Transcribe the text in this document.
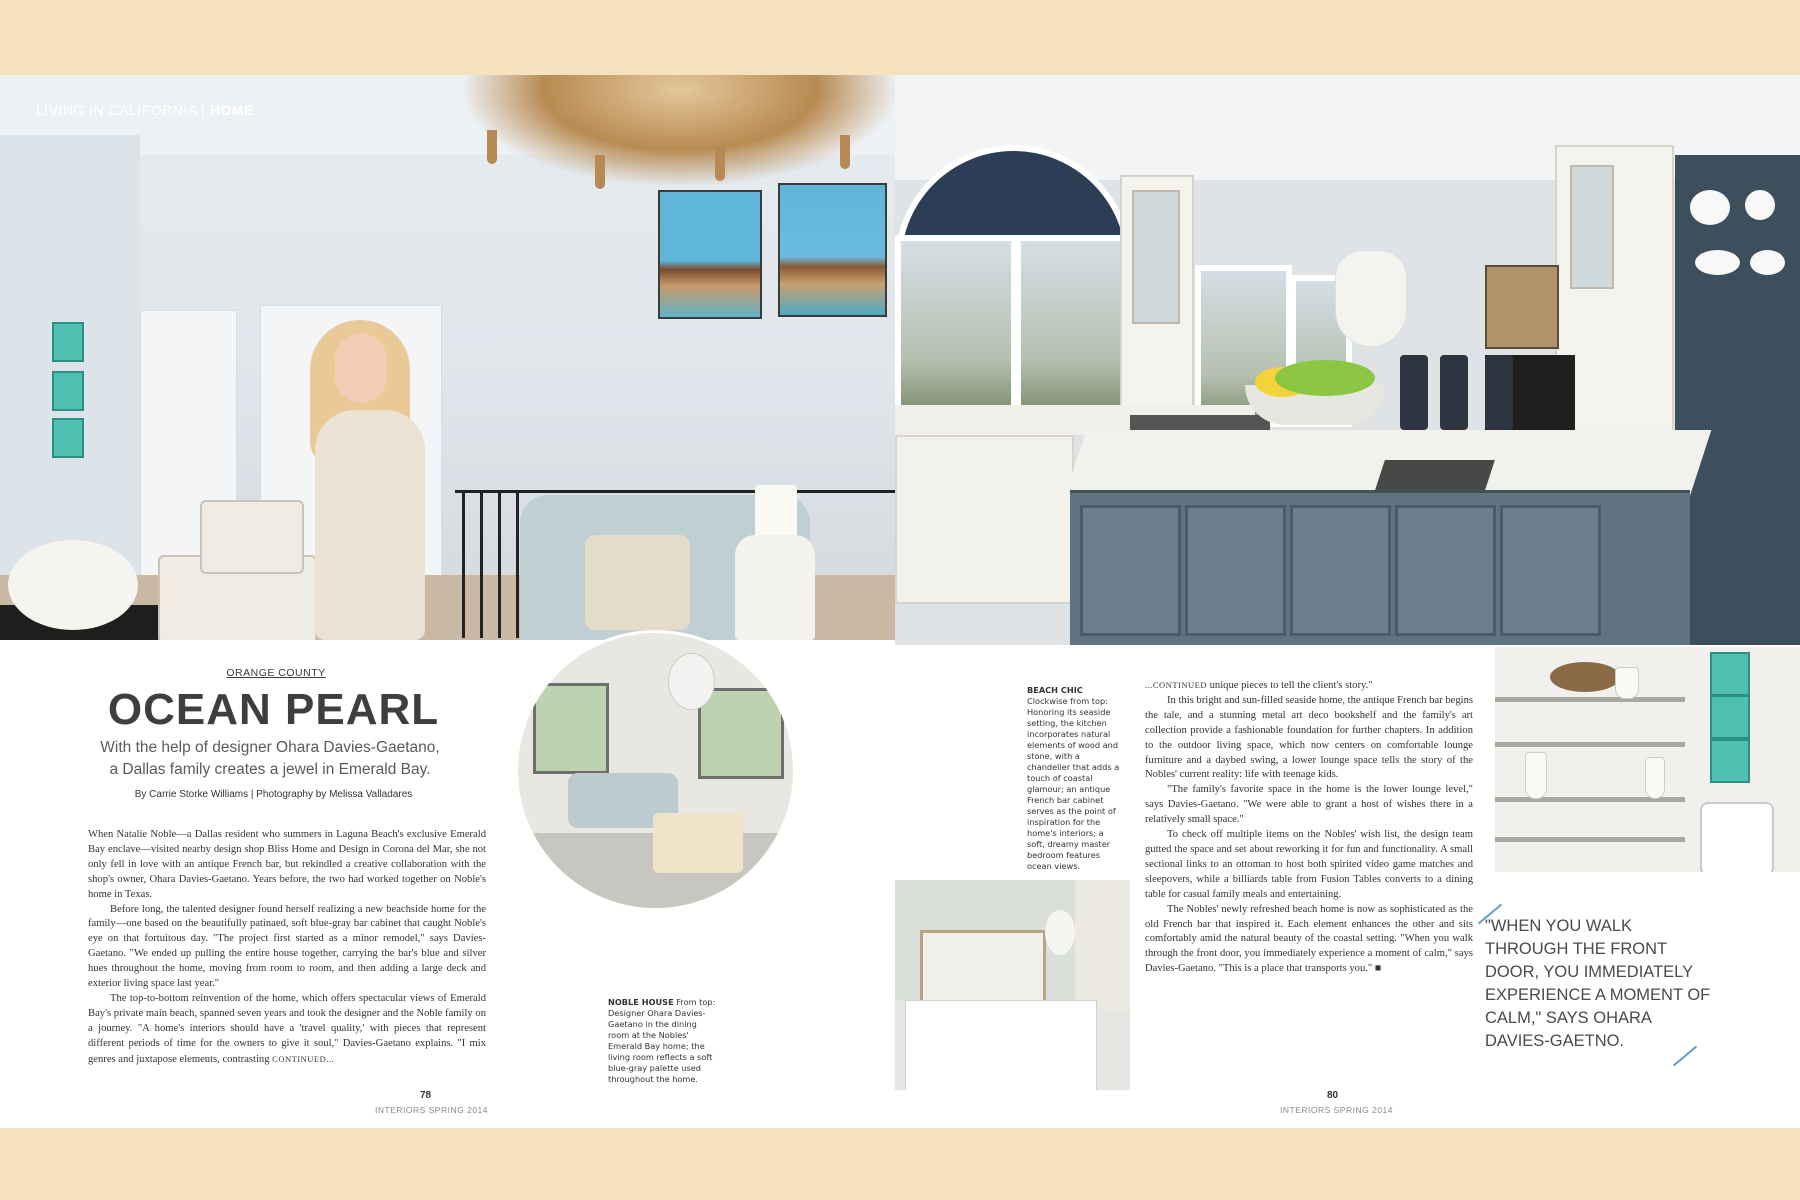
LIVING IN CALIFORNIA | HOME
ORANGE COUNTY
OCEAN PEARL
With the help of designer Ohara Davies-Gaetano, a Dallas family creates a jewel in Emerald Bay.
By Carrie Storke Williams | Photography by Melissa Valladares

When Natalie Noble—a Dallas resident who summers in Laguna Beach's exclusive Emerald Bay enclave—visited nearby design shop Bliss Home and Design in Corona del Mar, she not only fell in love with an antique French bar, but rekindled a creative collaboration with the shop's owner, Ohara Davies-Gaetano. Years before, the two had worked together on Noble's home in Texas.

Before long, the talented designer found herself realizing a new beachside home for the family—one based on the beautifully patinaed, soft blue-gray bar cabinet that caught Noble's eye on that fortuitous day. "The project first started as a minor remodel," says Davies-Gaetano. "We ended up pulling the entire house together, carrying the bar's blue and silver hues throughout the home, moving from room to room, and then adding a large deck and exterior living space last year."

The top-to-bottom reinvention of the home, which offers spectacular views of Emerald Bay's private main beach, spanned seven years and took the designer and the Noble family on a journey. "A home's interiors should have a 'travel quality,' with pieces that represent different periods of time for the owners to give it soul," Davies-Gaetano explains. "I mix genres and juxtapose elements, contrasting CONTINUED...

NOBLE HOUSE From top: Designer Ohara Davies-Gaetano in the dining room at the Nobles' Emerald Bay home; the living room reflects a soft blue-gray palette used throughout the home.
78
INTERIORS SPRING 2014
BEACH CHIC Clockwise from top: Honoring its seaside setting, the kitchen incorporates natural elements of wood and stone, with a chandelier that adds a touch of coastal glamour; an antique French bar cabinet serves as the point of inspiration for the home's interiors; a soft, dreamy master bedroom features ocean views.

...CONTINUED unique pieces to tell the client's story."

In this bright and sun-filled seaside home, the antique French bar begins the tale, and a stunning metal art deco bookshelf and the family's art collection provide a fashionable foundation for further chapters. In addition to the outdoor living space, which now centers on comfortable lounge furniture and a daybed swing, a lower lounge space tells the story of the Nobles' current reality: life with teenage kids.

"The family's favorite space in the home is the lower lounge level," says Davies-Gaetano. "We were able to grant a host of wishes there in a relatively small space."

To check off multiple items on the Nobles' wish list, the design team gutted the space and set about reworking it for fun and functionality. A small sectional links to an ottoman to host both spirited video game matches and sleepovers, while a billiards table from Fusion Tables converts to a dining table for casual family meals and entertaining.

The Nobles' newly refreshed beach home is now as sophisticated as the old French bar that inspired it. Each element enhances the other and sits comfortably amid the natural beauty of the coastal setting. "When you walk through the front door, you immediately experience a moment of calm," says Davies-Gaetano. "This is a place that transports you." ■

"WHEN YOU WALK THROUGH THE FRONT DOOR, YOU IMMEDIATELY EXPERIENCE A MOMENT OF CALM," SAYS OHARA DAVIES-GAETNO.
80
INTERIORS SPRING 2014
